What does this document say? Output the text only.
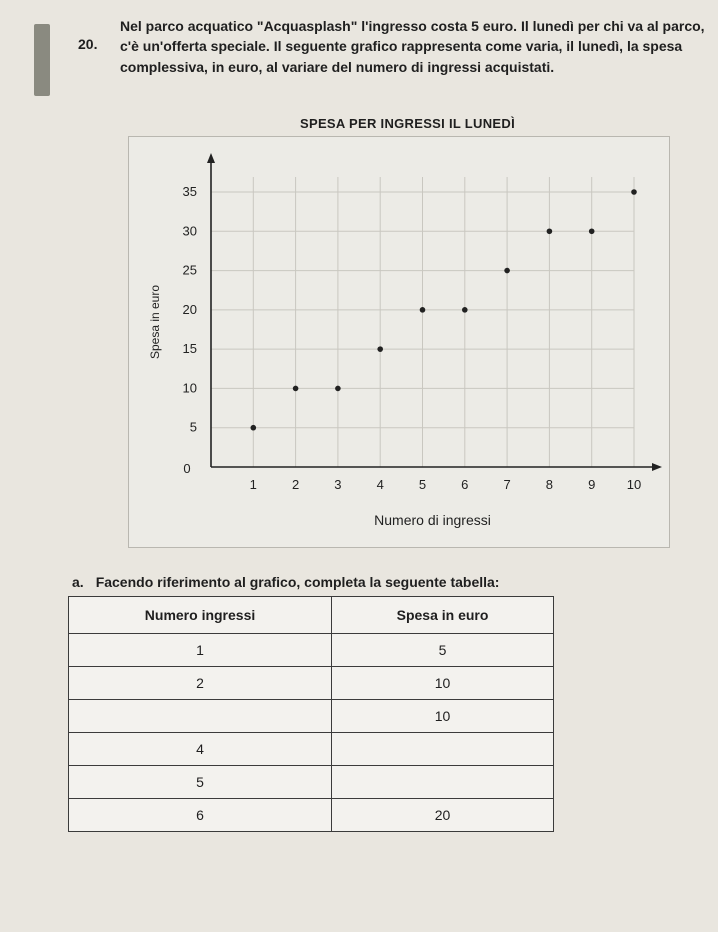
20.
Nel parco acquatico "Acquasplash" l'ingresso costa 5 euro. Il lunedì per chi va al parco, c'è un'offerta speciale. Il seguente grafico rappresenta come varia, il lunedì, la spesa complessiva, in euro, al variare del numero di ingressi acquistati.
SPESA PER INGRESSI IL LUNEDÌ
1	2	3	4	5	6	7	8	9 10
5
10
15
20
25
30
35
0
Numero di ingressi
Spesa in euro
a. Facendo riferimento al grafico, completa la seguente tabella:
Numero ingressi	Spesa in euro
1	5
2	10
	10
4	
5	
6	20
